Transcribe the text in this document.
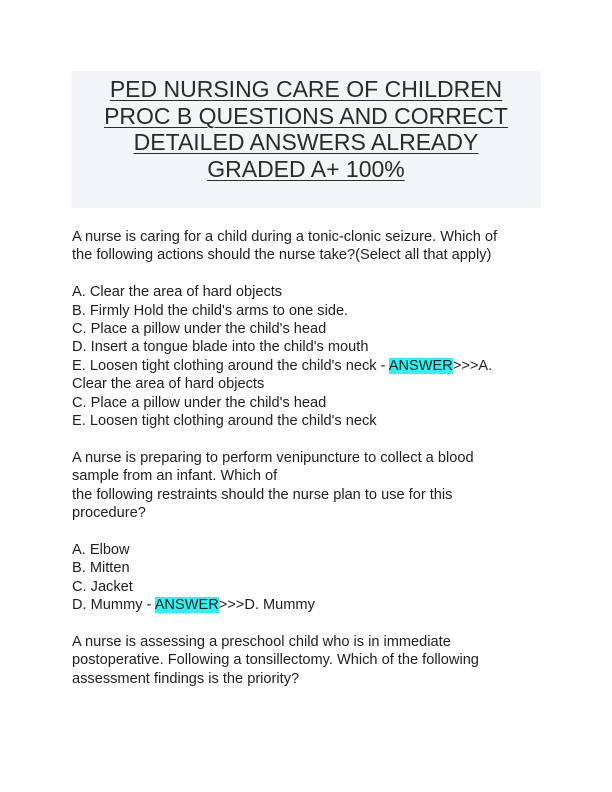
PED NURSING CARE OF CHILDREN
PROC B QUESTIONS AND CORRECT
DETAILED ANSWERS ALREADY
GRADED A+ 100%
A nurse is caring for a child during a tonic-clonic seizure. Which of
the following actions should the nurse take?(Select all that apply)
A. Clear the area of hard objects
B. Firmly Hold the child's arms to one side.
C. Place a pillow under the child's head
D. Insert a tongue blade into the child's mouth
E. Loosen tight clothing around the child's neck - ANSWER>>>A.
Clear the area of hard objects
C. Place a pillow under the child's head
E. Loosen tight clothing around the child's neck
A nurse is preparing to perform venipuncture to collect a blood
sample from an infant. Which of
the following restraints should the nurse plan to use for this
procedure?
A. Elbow
B. Mitten
C. Jacket
D. Mummy - ANSWER>>>D. Mummy
A nurse is assessing a preschool child who is in immediate
postoperative. Following a tonsillectomy. Which of the following
assessment findings is the priority?
